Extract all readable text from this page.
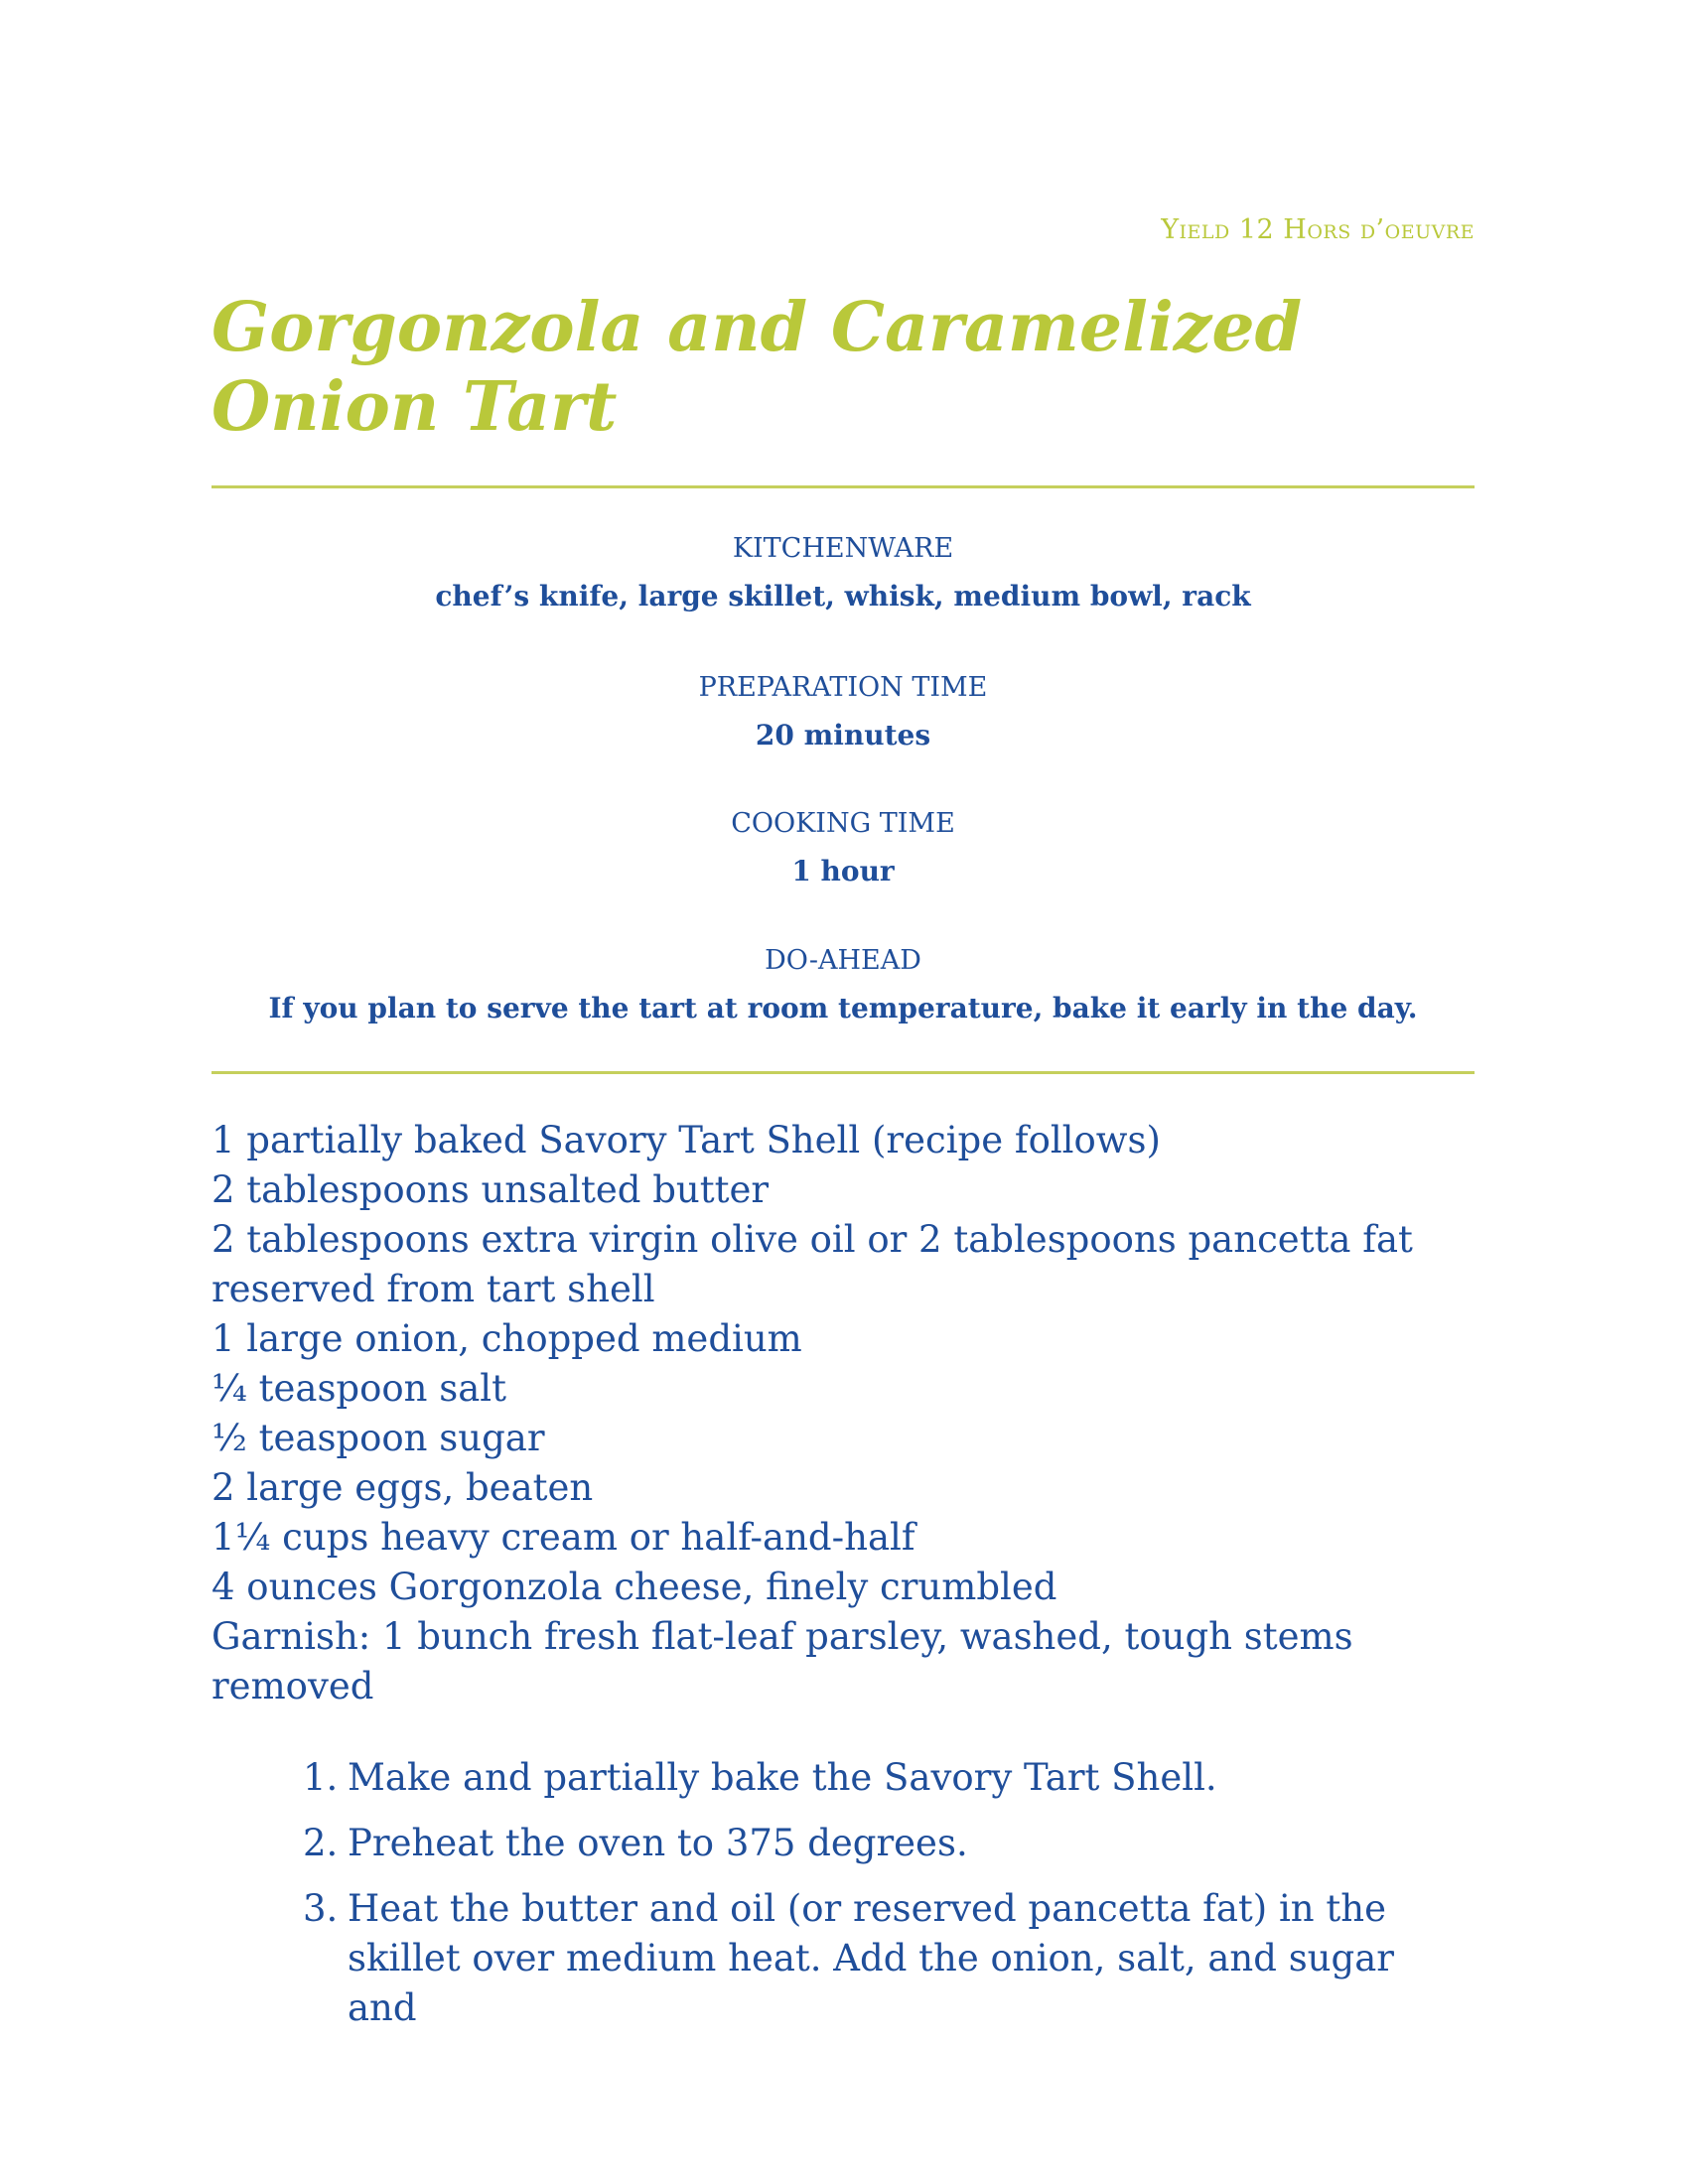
Yield 12 Hors d’oeuvre
Gorgonzola and Caramelized Onion Tart
KITCHENWARE
chef’s knife, large skillet, whisk, medium bowl, rack
PREPARATION TIME
20 minutes
COOKING TIME
1 hour
DO-AHEAD
If you plan to serve the tart at room temperature, bake it early in the day.
1 partially baked Savory Tart Shell (recipe follows)
2 tablespoons unsalted butter
2 tablespoons extra virgin olive oil or 2 tablespoons pancetta fat reserved from tart shell
1 large onion, chopped medium
¼ teaspoon salt
½ teaspoon sugar
2 large eggs, beaten
1¼ cups heavy cream or half-and-half
4 ounces Gorgonzola cheese, finely crumbled
Garnish: 1 bunch fresh flat-leaf parsley, washed, tough stems removed
1. Make and partially bake the Savory Tart Shell.
2. Preheat the oven to 375 degrees.
3. Heat the butter and oil (or reserved pancetta fat) in the skillet over medium heat. Add the onion, salt, and sugar and
